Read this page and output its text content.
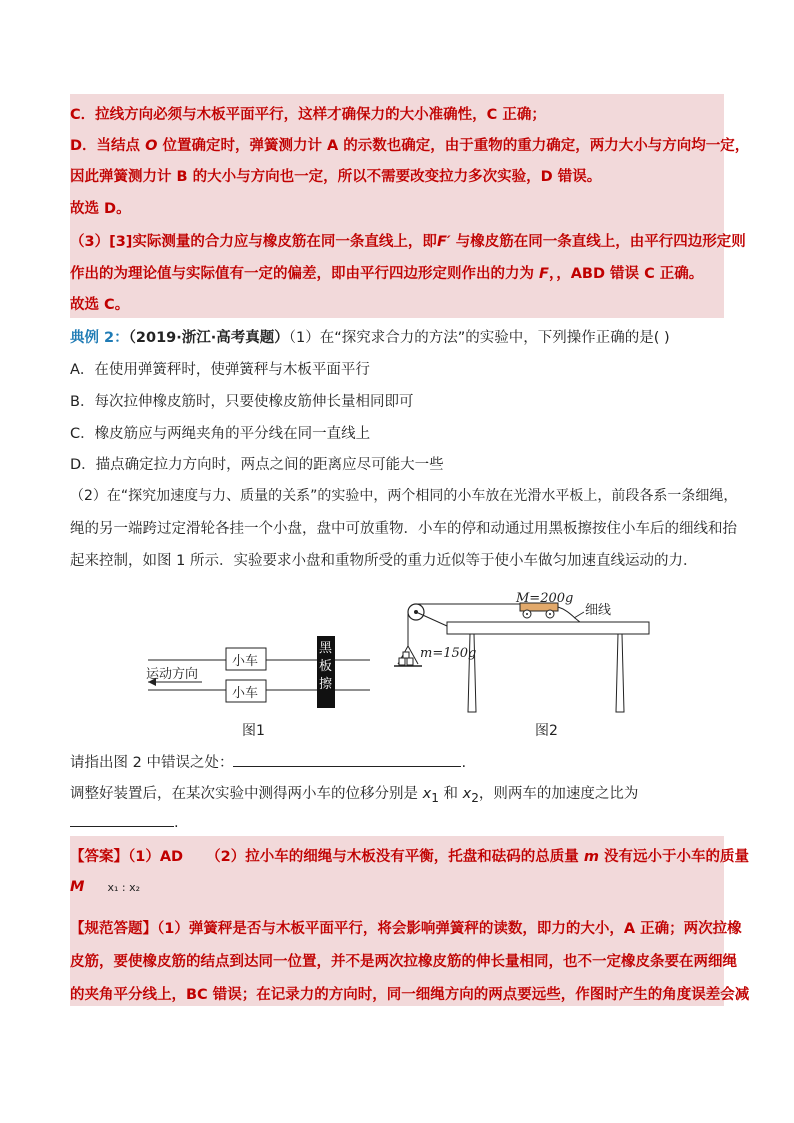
C．拉线方向必须与木板平面平行，这样才确保力的大小准确性，C 正确；
D．当结点 O 位置确定时，弹簧测力计 A 的示数也确定，由于重物的重力确定，两力大小与方向均一定，
因此弹簧测力计 B 的大小与方向也一定，所以不需要改变拉力多次实验，D 错误。
故选 D。
（3）[3]实际测量的合力应与橡皮筋在同一条直线上，即F′ 与橡皮筋在同一条直线上，由平行四边形定则
作出的为理论值与实际值有一定的偏差，即由平行四边形定则作出的力为 F，，ABD 错误 C 正确。
故选 C。
典例 2：（2019·浙江·高考真题）（1）在“探究求合力的方法”的实验中，下列操作正确的是( )
A．在使用弹簧秤时，使弹簧秤与木板平面平行
B．每次拉伸橡皮筋时，只要使橡皮筋伸长量相同即可
C．橡皮筋应与两绳夹角的平分线在同一直线上
D．描点确定拉力方向时，两点之间的距离应尽可能大一些
（2）在“探究加速度与力、质量的关系”的实验中，两个相同的小车放在光滑水平板上，前段各系一条细绳，
绳的另一端跨过定滑轮各挂一个小盘，盘中可放重物．小车的停和动通过用黑板擦按住小车后的细线和抬
起来控制，如图 1 所示．实验要求小盘和重物所受的重力近似等于使小车做匀加速直线运动的力．
小车
小车
运动方向
黑板擦
图1
M=200g
细线
m=150g
图2
请指出图 2 中错误之处：	.
调整好装置后，在某次实验中测得两小车的位移分别是 $x_1$ 和 $x_2$，则两车的加速度之比为
.
【答案】（1）AD （2）拉小车的细绳与木板没有平衡，托盘和砝码的总质量 m 没有远小于小车的质量
M x₁ : x₂
【规范答题】（1）弹簧秤是否与木板平面平行，将会影响弹簧秤的读数，即力的大小，A 正确；两次拉橡
皮筋，要使橡皮筋的结点到达同一位置，并不是两次拉橡皮筋的伸长量相同，也不一定橡皮条要在两细绳
的夹角平分线上，BC 错误；在记录力的方向时，同一细绳方向的两点要远些，作图时产生的角度误差会减
